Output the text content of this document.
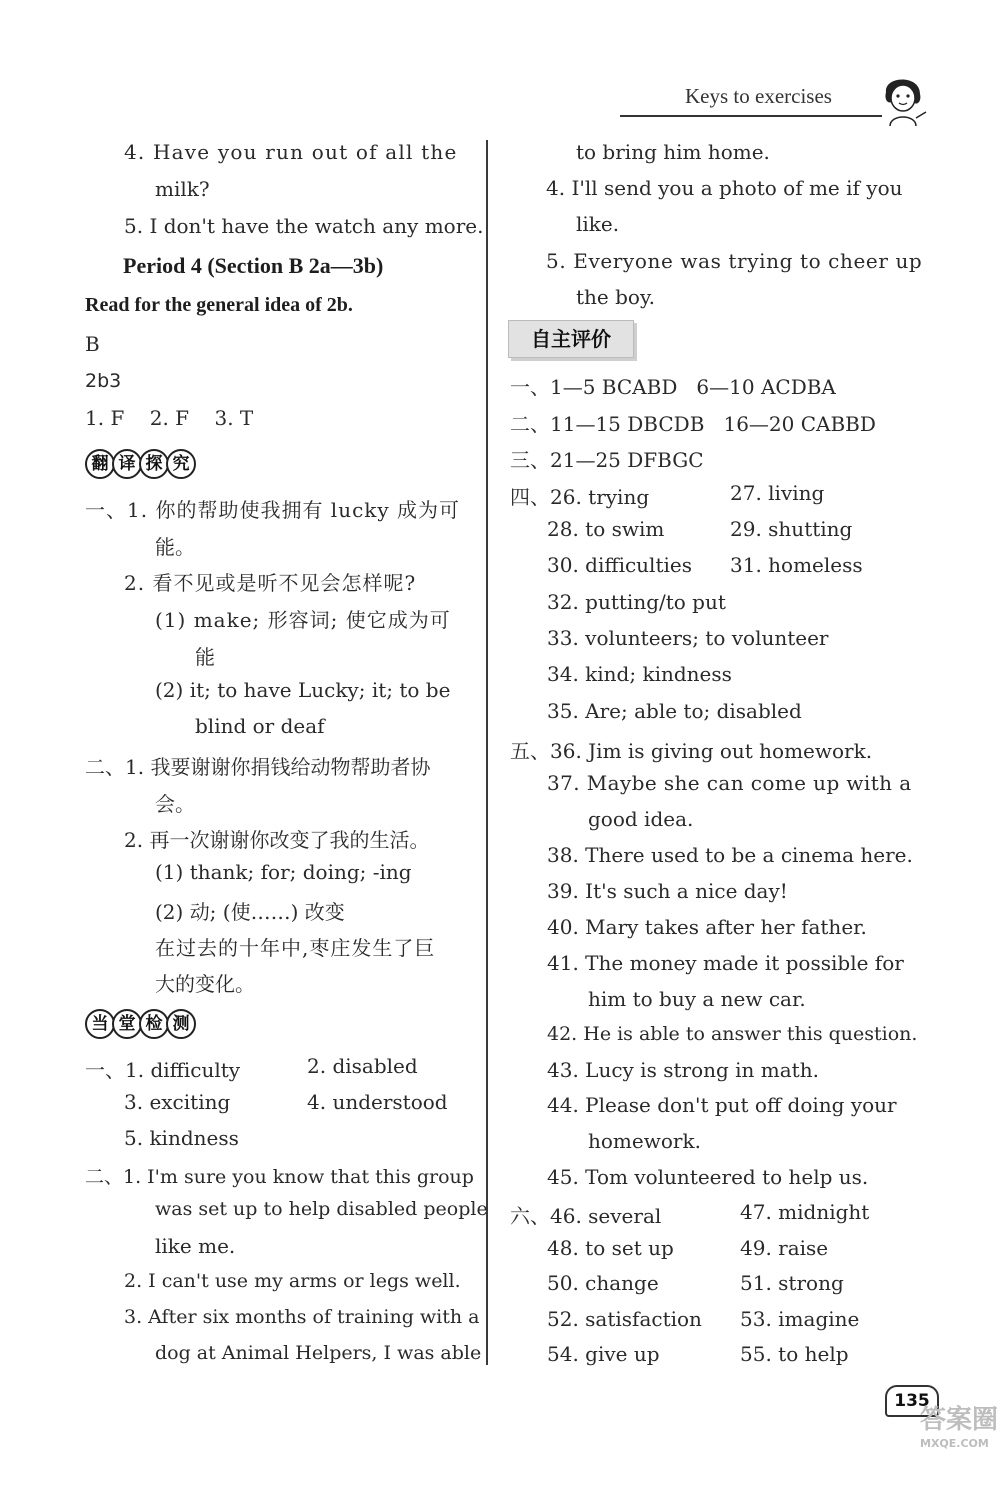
Keys to exercises
4. Have you run out of all the
milk?
5. I don't have the watch any more.
Period 4 (Section B 2a—3b)
Read for the general idea of 2b.
B
2b3
1. F    2. F    3. T
翻 译 探 究
一、1. 你的帮助使我拥有 lucky 成为可
能。
2. 看不见或是听不见会怎样呢?
(1) make; 形容词; 使它成为可
能
(2) it; to have Lucky; it; to be
blind or deaf
二、1. 我要谢谢你捐钱给动物帮助者协
会。
2. 再一次谢谢你改变了我的生活。
(1) thank; for; doing; -ing
(2) 动; (使……) 改变
在过去的十年中,枣庄发生了巨
大的变化。
当 堂 检 测
一、1. difficulty	2. disabled
3. exciting	4. understood
5. kindness
二、1. I'm sure you know that this group
was set up to help disabled people
like me.
2. I can't use my arms or legs well.
3. After six months of training with a
dog at Animal Helpers, I was able
to bring him home.
4. I'll send you a photo of me if you
like.
5. Everyone was trying to cheer up
the boy.
自主评价
一、1—5 BCABD   6—10 ACDBA
二、11—15 DBCDB   16—20 CABBD
三、21—25 DFBGC
四、26. trying	27. living
28. to swim	29. shutting
30. difficulties 31. homeless
32. putting/to put
33. volunteers; to volunteer
34. kind; kindness
35. Are; able to; disabled
五、36. Jim is giving out homework.
37. Maybe she can come up with a
good idea.
38. There used to be a cinema here.
39. It's such a nice day!
40. Mary takes after her father.
41. The money made it possible for
him to buy a new car.
42. He is able to answer this question.
43. Lucy is strong in math.
44. Please don't put off doing your
homework.
45. Tom volunteered to help us.
六、46. several	47. midnight
48. to set up	49. raise
50. change	51. strong
52. satisfaction 53. imagine
54. give up	55. to help
135
答案圈
MXQE.COM
